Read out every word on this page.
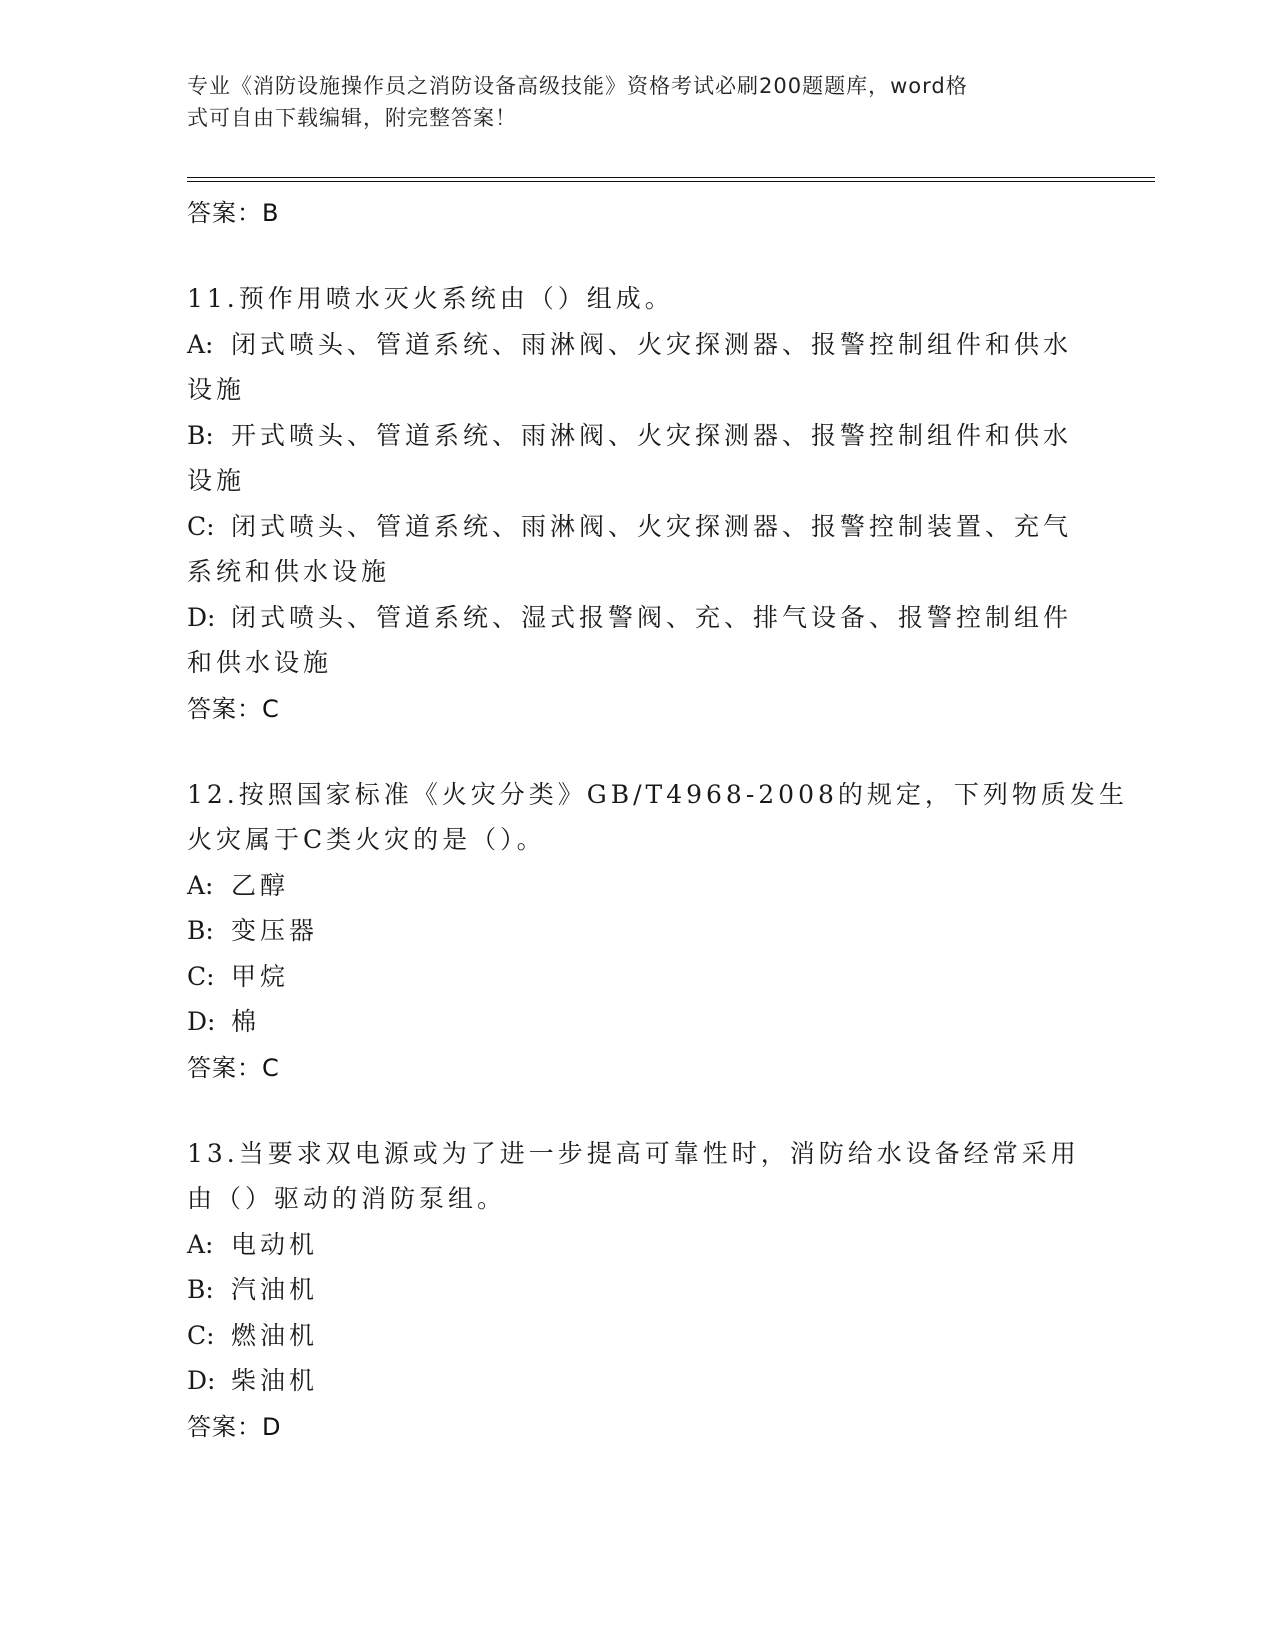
专业《消防设施操作员之消防设备高级技能》资格考试必刷200题题库，word格
式可自由下载编辑，附完整答案！
答案：B
11.预作用喷水灭火系统由（）组成。
A: 闭式喷头、管道系统、雨淋阀、火灾探测器、报警控制组件和供水
设施
B: 开式喷头、管道系统、雨淋阀、火灾探测器、报警控制组件和供水
设施
C: 闭式喷头、管道系统、雨淋阀、火灾探测器、报警控制装置、充气
系统和供水设施
D: 闭式喷头、管道系统、湿式报警阀、充、排气设备、报警控制组件
和供水设施
答案：C
12.按照国家标准《火灾分类》GB/T4968-2008的规定，下列物质发生
火灾属于C类火灾的是（）。
A: 乙醇
B: 变压器
C: 甲烷
D: 棉
答案：C
13.当要求双电源或为了进一步提高可靠性时，消防给水设备经常采用
由（）驱动的消防泵组。
A: 电动机
B: 汽油机
C: 燃油机
D: 柴油机
答案：D
